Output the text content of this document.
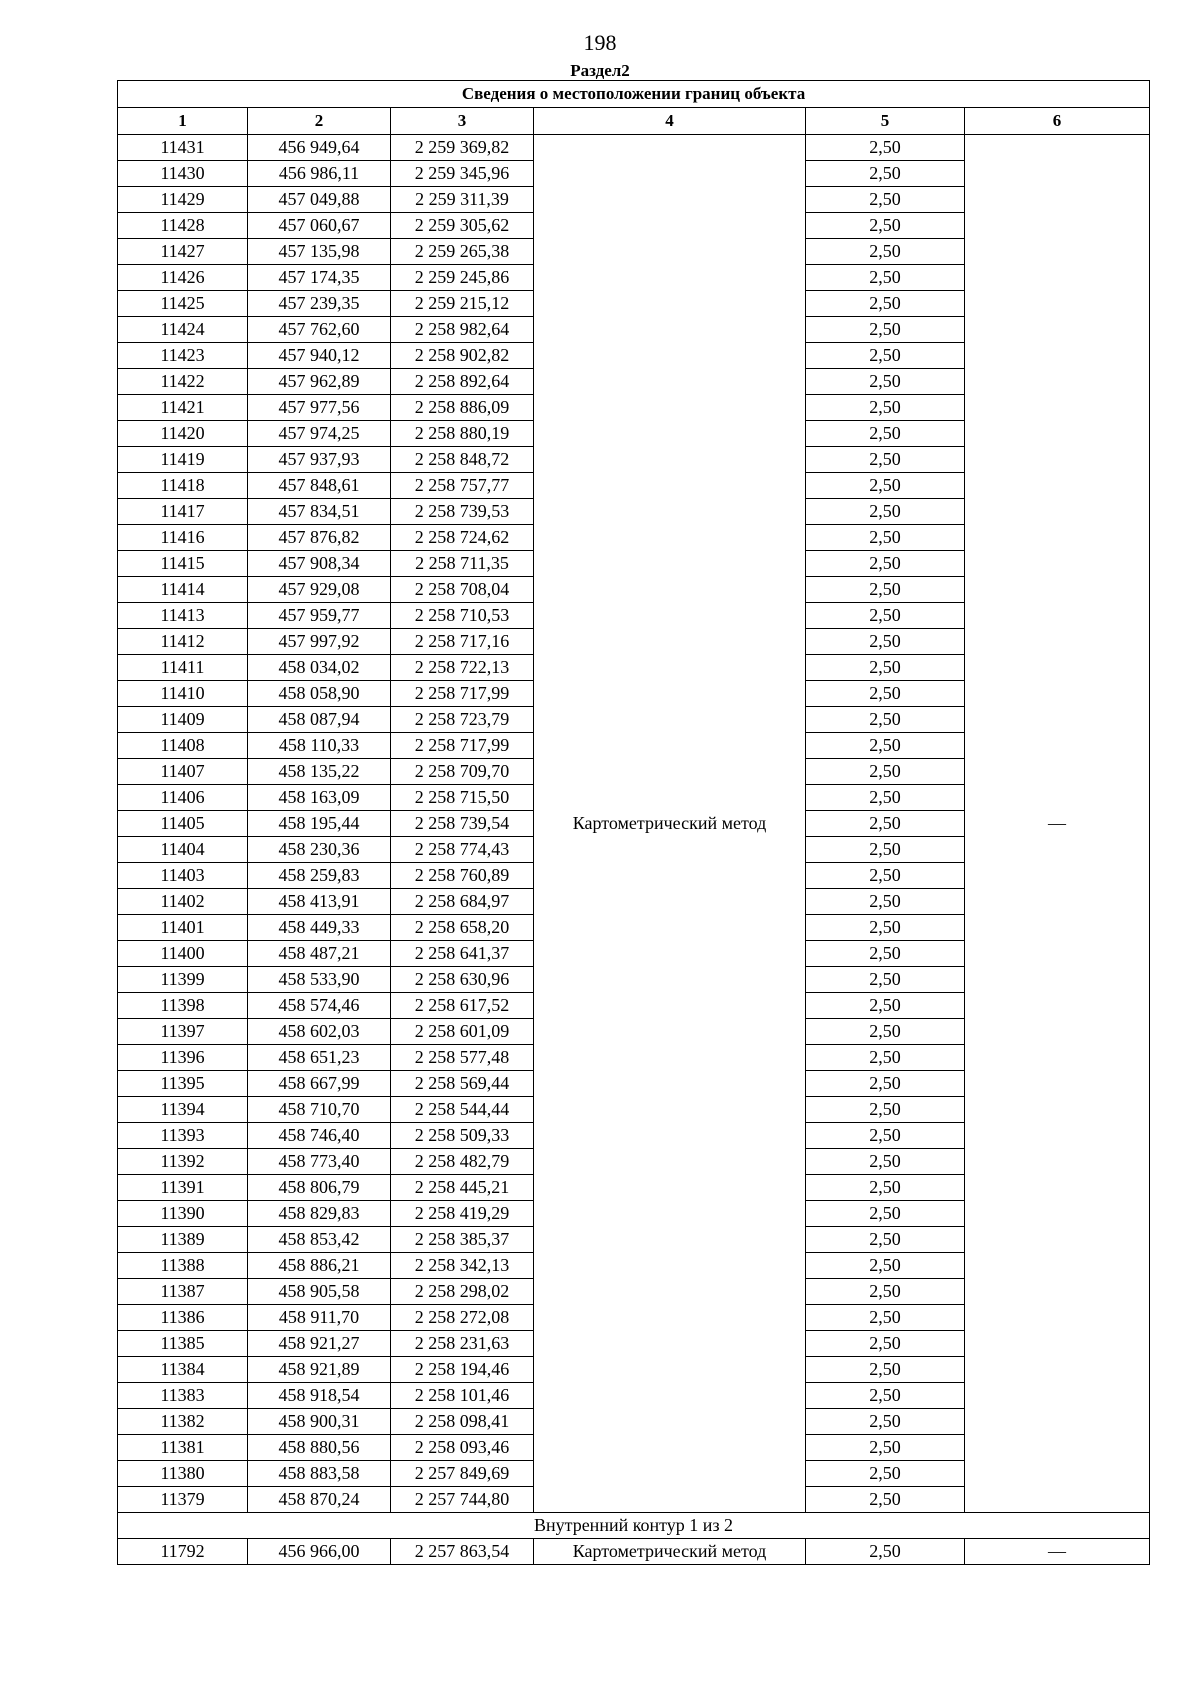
198
Раздел2
Сведения о местоположении границ объекта					
1	2	3	4	5	6
11431	456 949,64	2 259 369,82	Картометрический метод	2,50	—
11430	456 986,11	2 259 345,96		2,50	
11429	457 049,88	2 259 311,39		2,50	
11428	457 060,67	2 259 305,62		2,50	
11427	457 135,98	2 259 265,38		2,50	
11426	457 174,35	2 259 245,86		2,50	
11425	457 239,35	2 259 215,12		2,50	
11424	457 762,60	2 258 982,64		2,50	
11423	457 940,12	2 258 902,82		2,50	
11422	457 962,89	2 258 892,64		2,50	
11421	457 977,56	2 258 886,09		2,50	
11420	457 974,25	2 258 880,19		2,50	
11419	457 937,93	2 258 848,72		2,50	
11418	457 848,61	2 258 757,77		2,50	
11417	457 834,51	2 258 739,53		2,50	
11416	457 876,82	2 258 724,62		2,50	
11415	457 908,34	2 258 711,35		2,50	
11414	457 929,08	2 258 708,04		2,50	
11413	457 959,77	2 258 710,53		2,50	
11412	457 997,92	2 258 717,16		2,50	
11411	458 034,02	2 258 722,13		2,50	
11410	458 058,90	2 258 717,99		2,50	
11409	458 087,94	2 258 723,79		2,50	
11408	458 110,33	2 258 717,99		2,50	
11407	458 135,22	2 258 709,70		2,50	
11406	458 163,09	2 258 715,50		2,50	
11405	458 195,44	2 258 739,54		2,50	
11404	458 230,36	2 258 774,43		2,50	
11403	458 259,83	2 258 760,89		2,50	
11402	458 413,91	2 258 684,97		2,50	
11401	458 449,33	2 258 658,20		2,50	
11400	458 487,21	2 258 641,37		2,50	
11399	458 533,90	2 258 630,96		2,50	
11398	458 574,46	2 258 617,52		2,50	
11397	458 602,03	2 258 601,09		2,50	
11396	458 651,23	2 258 577,48		2,50	
11395	458 667,99	2 258 569,44		2,50	
11394	458 710,70	2 258 544,44		2,50	
11393	458 746,40	2 258 509,33		2,50	
11392	458 773,40	2 258 482,79		2,50	
11391	458 806,79	2 258 445,21		2,50	
11390	458 829,83	2 258 419,29		2,50	
11389	458 853,42	2 258 385,37		2,50	
11388	458 886,21	2 258 342,13		2,50	
11387	458 905,58	2 258 298,02		2,50	
11386	458 911,70	2 258 272,08		2,50	
11385	458 921,27	2 258 231,63		2,50	
11384	458 921,89	2 258 194,46		2,50	
11383	458 918,54	2 258 101,46		2,50	
11382	458 900,31	2 258 098,41		2,50	
11381	458 880,56	2 258 093,46		2,50	
11380	458 883,58	2 257 849,69		2,50	
11379	458 870,24	2 257 744,80		2,50	
Внутренний контур 1 из 2					
11792	456 966,00	2 257 863,54	Картометрический метод	2,50	—
